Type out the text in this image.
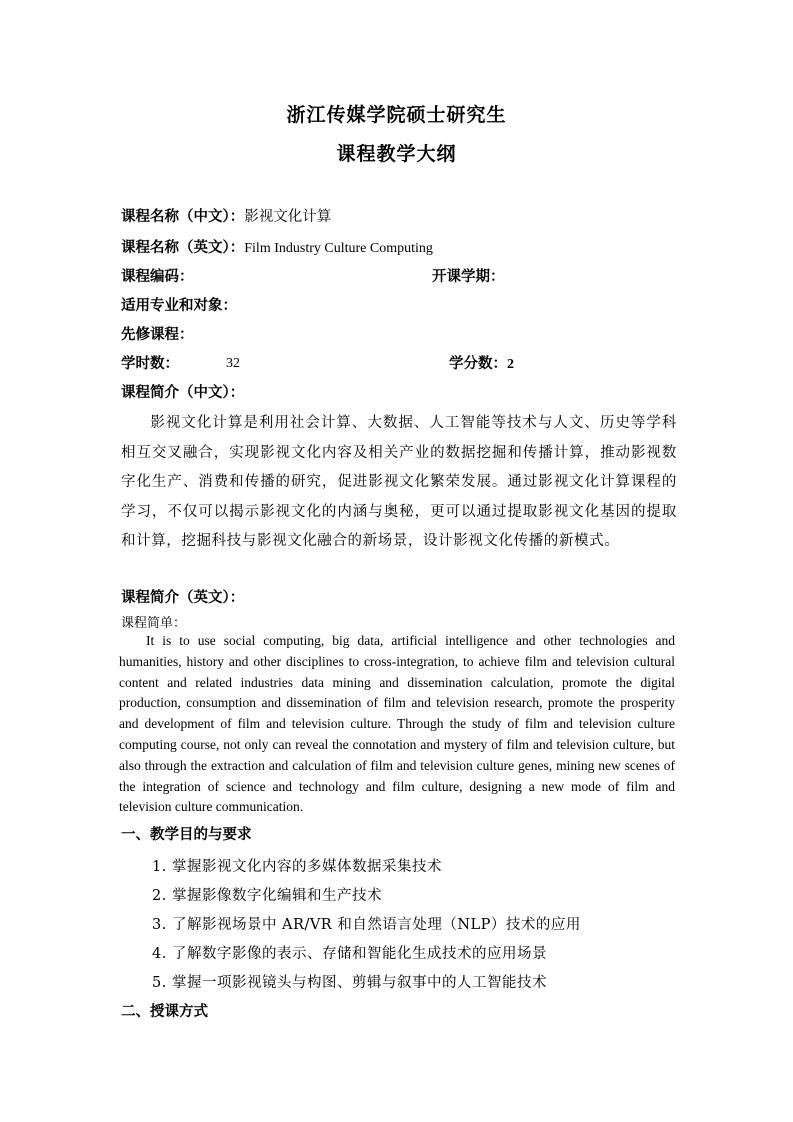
浙江传媒学院硕士研究生
课程教学大纲
课程名称（中文）：影视文化计算
课程名称（英文）：Film Industry Culture Computing
课程编码：	开课学期：
适用专业和对象：
先修课程：
学时数：	32	学分数：2
课程简介（中文）：
影视文化计算是利用社会计算、大数据、人工智能等技术与人文、历史等学科相互交叉融合，实现影视文化内容及相关产业的数据挖掘和传播计算，推动影视数字化生产、消费和传播的研究，促进影视文化繁荣发展。通过影视文化计算课程的学习，不仅可以揭示影视文化的内涵与奥秘，更可以通过提取影视文化基因的提取和计算，挖掘科技与影视文化融合的新场景，设计影视文化传播的新模式。
课程简介（英文）：
课程简单：
It is to use social computing, big data, artificial intelligence and other technologies and humanities, history and other disciplines to cross-integration, to achieve film and television cultural content and related industries data mining and dissemination calculation, promote the digital production, consumption and dissemination of film and television research, promote the prosperity and development of film and television culture. Through the study of film and television culture computing course, not only can reveal the connotation and mystery of film and television culture, but also through the extraction and calculation of film and television culture genes, mining new scenes of the integration of science and technology and film culture, designing a new mode of film and television culture communication.
一、教学目的与要求
1. 掌握影视文化内容的多媒体数据采集技术
2. 掌握影像数字化编辑和生产技术
3. 了解影视场景中 AR/VR 和自然语言处理（NLP）技术的应用
4. 了解数字影像的表示、存储和智能化生成技术的应用场景
5. 掌握一项影视镜头与构图、剪辑与叙事中的人工智能技术
二、授课方式
